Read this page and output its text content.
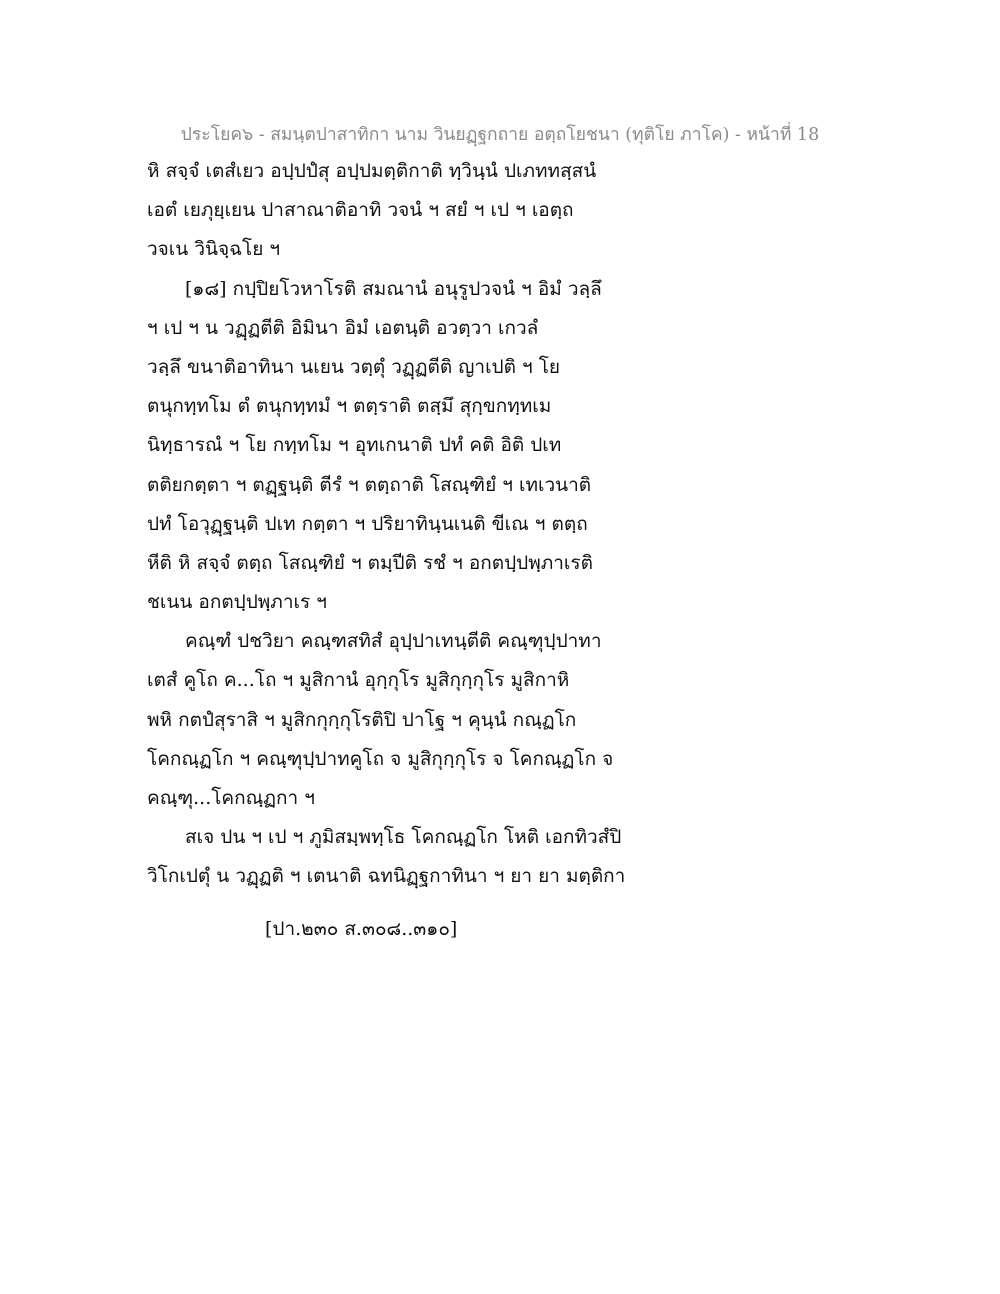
ประโยค๖ - สมนฺตปาสาทิกา นาม วินยฏฺฐกถาย อตฺถโยชนา (ทุติโย ภาโค) - หน้าที่ 18
หิ สจฺจํ เตสํเยว อปฺปปํสุ อปฺปมตฺติกาติ ทฺวินฺนํ ปเภททสฺสนํ
เอตํ เยภุยฺเยน ปาสาณาติอาทิ วจนํ ฯ สยํ ฯ เป ฯ เอตฺถ
วจเน วินิจฺฉโย ฯ
[๑๘] กปฺปิยโวหาโรติ สมณานํ อนุรูปวจนํ ฯ อิมํ วลฺลึ
ฯ เป ฯ น วฏฺฏตีติ อิมินา อิมํ เอตนฺติ อวตฺวา เกวลํ
วลฺลึ ขนาติอาทินา นเยน วตฺตุํ วฏฺฏตีติ ญาเปติ ฯ โย
ตนุกทฺทโม ตํ ตนุกทฺทมํ ฯ ตตฺราติ ตสฺมึ สุกฺขกทฺทเม
นิทฺธารณํ ฯ โย กทฺทโม ฯ อุทเกนาติ ปทํ คติ อิติ ปเท
ตติยกตฺตา ฯ ตฏฺฐนฺติ ตีรํ ฯ ตตฺถาติ โสณฺฑิยํ ฯ เทเวนาติ
ปทํ โอวุฏฺฐนฺติ ปเท กตฺตา ฯ ปริยาทินฺนเนติ ขีเณ ฯ ตตฺถ
หีติ หิ สจฺจํ ตตฺถ โสณฺฑิยํ ฯ ตมฺปีติ รชํ ฯ อกตปฺปพฺภาเรติ
ชเนน อกตปฺปพฺภาเร ฯ
คณฺฑํ ปชวิยา คณฺฑสทิสํ อุปฺปาเทนฺตีติ คณฺฑุปฺปาทา
เตสํ คูโถ ค...โถ ฯ มูสิกานํ อุกฺกุโร มูสิกุกฺกุโร มูสิกาหิ
พหิ กตปํสุราสิ ฯ มูสิกกุกฺกุโรติปิ ปาโฐ ฯ คุนฺนํ กณฺฏโก
โคกณฺฏโก ฯ คณฺฑุปฺปาทคูโถ จ มูสิกุกฺกุโร จ โคกณฺฏโก จ
คณฺฑุ...โคกณฺฏกา ฯ
สเจ ปน ฯ เป ฯ ภูมิสมฺพทฺโธ โคกณฺฏโก โหติ เอกทิวสํปิ
วิโกเปตุํ น วฏฺฏติ ฯ เตนาติ ฉทนิฏฺฐกาทินา ฯ ยา ยา มตฺติกา
[ปา.๒๓๐ ส.๓๐๘..๓๑๐]
